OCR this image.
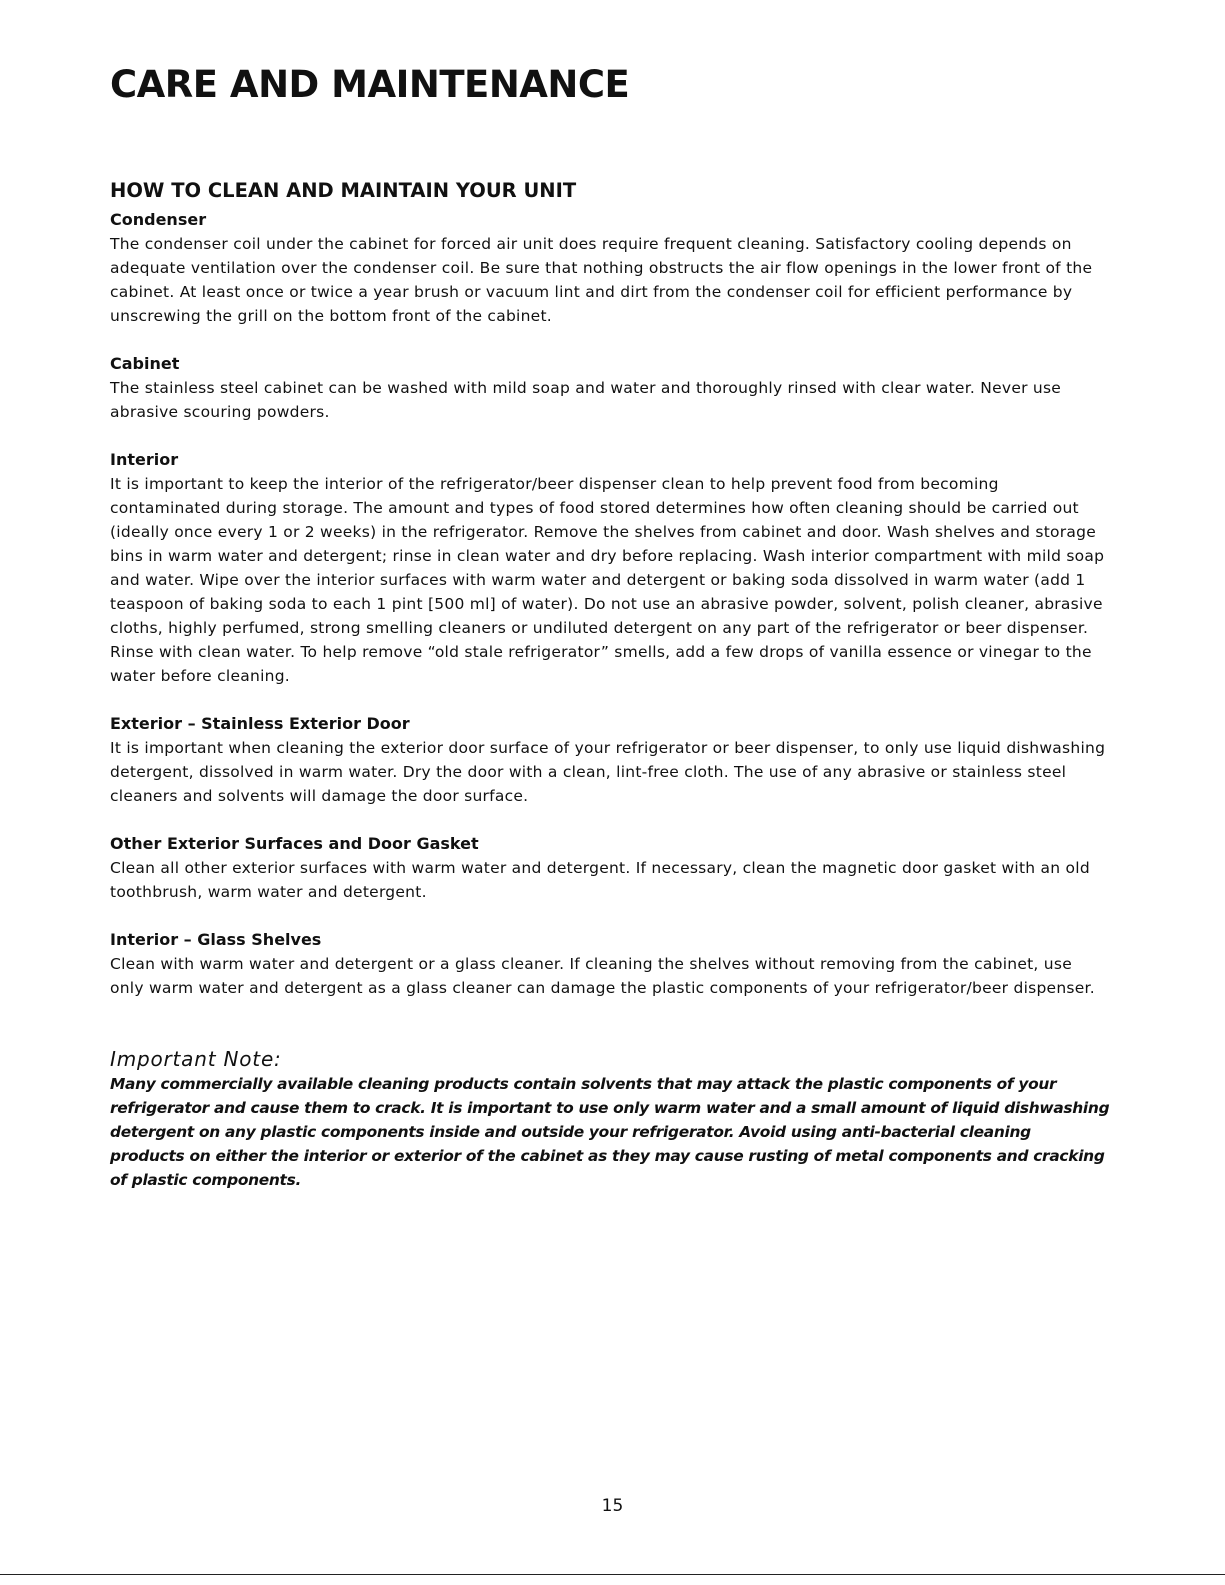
CARE AND MAINTENANCE
HOW TO CLEAN AND MAINTAIN YOUR UNIT

Condenser

The condenser coil under the cabinet for forced air unit does require frequent cleaning. Satisfactory cooling depends on adequate ventilation over the condenser coil. Be sure that nothing obstructs the air flow openings in the lower front of the cabinet. At least once or twice a year brush or vacuum lint and dirt from the condenser coil for efficient performance by unscrewing the grill on the bottom front of the cabinet.

Cabinet

The stainless steel cabinet can be washed with mild soap and water and thoroughly rinsed with clear water. Never use abrasive scouring powders.

Interior

It is important to keep the interior of the refrigerator/beer dispenser clean to help prevent food from becoming contaminated during storage. The amount and types of food stored determines how often cleaning should be carried out (ideally once every 1 or 2 weeks) in the refrigerator. Remove the shelves from cabinet and door. Wash shelves and storage bins in warm water and detergent; rinse in clean water and dry before replacing. Wash interior compartment with mild soap and water. Wipe over the interior surfaces with warm water and detergent or baking soda dissolved in warm water (add 1 teaspoon of baking soda to each 1 pint [500 ml] of water). Do not use an abrasive powder, solvent, polish cleaner, abrasive cloths, highly perfumed, strong smelling cleaners or undiluted detergent on any part of the refrigerator or beer dispenser. Rinse with clean water. To help remove “old stale refrigerator” smells, add a few drops of vanilla essence or vinegar to the water before cleaning.

Exterior – Stainless Exterior Door

It is important when cleaning the exterior door surface of your refrigerator or beer dispenser, to only use liquid dishwashing detergent, dissolved in warm water. Dry the door with a clean, lint-free cloth. The use of any abrasive or stainless steel cleaners and solvents will damage the door surface.

Other Exterior Surfaces and Door Gasket

Clean all other exterior surfaces with warm water and detergent. If necessary, clean the magnetic door gasket with an old toothbrush, warm water and detergent.

Interior – Glass Shelves

Clean with warm water and detergent or a glass cleaner. If cleaning the shelves without removing from the cabinet, use only warm water and detergent as a glass cleaner can damage the plastic components of your refrigerator/beer dispenser.

Important Note:

Many commercially available cleaning products contain solvents that may attack the plastic components of your refrigerator and cause them to crack. It is important to use only warm water and a small amount of liquid dishwashing detergent on any plastic components inside and outside your refrigerator. Avoid using anti-bacterial cleaning products on either the interior or exterior of the cabinet as they may cause rusting of metal components and cracking of plastic components.

15
